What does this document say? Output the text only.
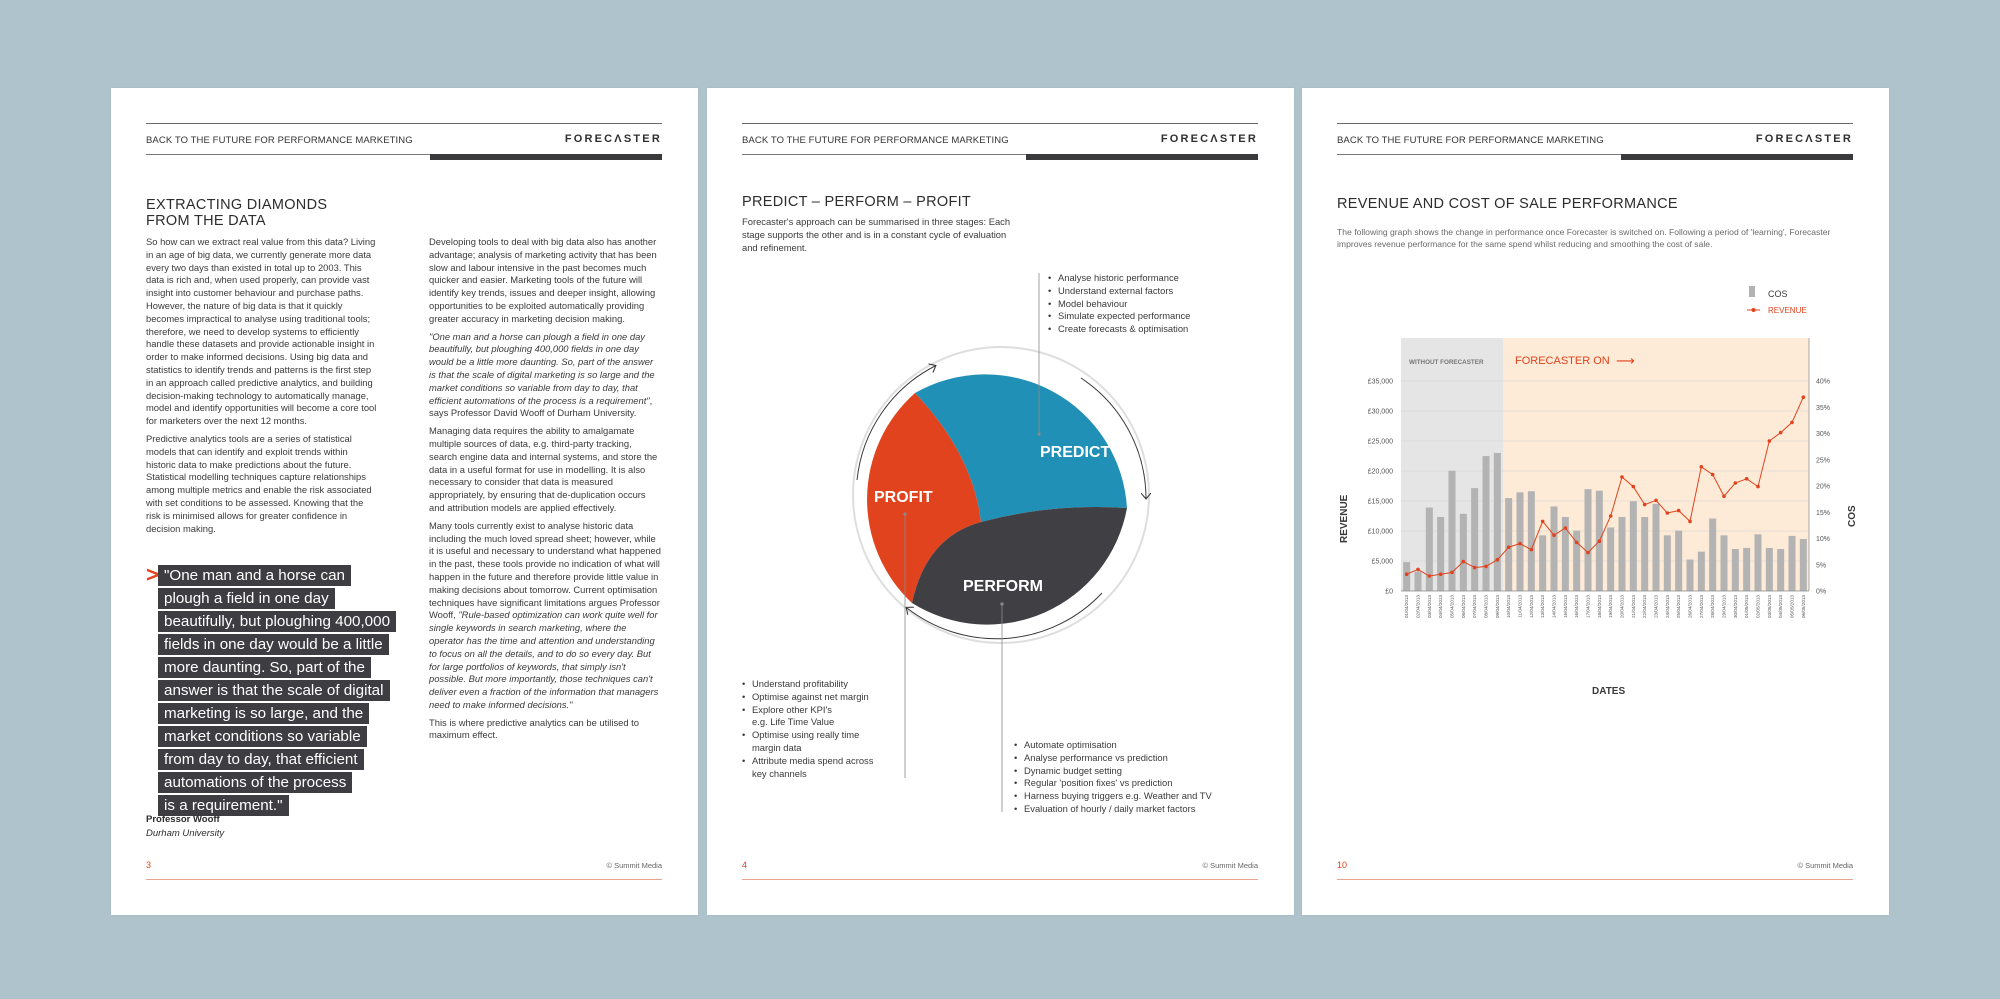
BACK TO THE FUTURE FOR PERFORMANCE MARKETING	FORECΛSTER
EXTRACTING DIAMONDS
FROM THE DATA

So how can we extract real value from this data? Living in an age of big data, we currently generate more data every two days than existed in total up to 2003. This data is rich and, when used properly, can provide vast insight into customer behaviour and purchase paths. However, the nature of big data is that it quickly becomes impractical to analyse using traditional tools; therefore, we need to develop systems to efficiently handle these datasets and provide actionable insight in order to make informed decisions. Using big data and statistics to identify trends and patterns is the first step in an approach called predictive analytics, and building decision-making technology to automatically manage, model and identify opportunities will become a core tool for marketers over the next 12 months.

Predictive analytics tools are a series of statistical models that can identify and exploit trends within historic data to make predictions about the future. Statistical modelling techniques capture relationships among multiple metrics and enable the risk associated with set conditions to be assessed. Knowing that the risk is minimised allows for greater confidence in decision making.

Developing tools to deal with big data also has another advantage; analysis of marketing activity that has been slow and labour intensive in the past becomes much quicker and easier. Marketing tools of the future will identify key trends, issues and deeper insight, allowing opportunities to be exploited automatically providing greater accuracy in marketing decision making.

"One man and a horse can plough a field in one day beautifully, but ploughing 400,000 fields in one day would be a little more daunting. So, part of the answer is that the scale of digital marketing is so large and the market conditions so variable from day to day, that efficient automations of the process is a requirement", says Professor David Wooff of Durham University.

Managing data requires the ability to amalgamate multiple sources of data, e.g. third-party tracking, search engine data and internal systems, and store the data in a useful format for use in modelling. It is also necessary to consider that data is measured appropriately, by ensuring that de-duplication occurs and attribution models are applied effectively.

Many tools currently exist to analyse historic data including the much loved spread sheet; however, while it is useful and necessary to understand what happened in the past, these tools provide no indication of what will happen in the future and therefore provide little value in making decisions about tomorrow. Current optimisation techniques have significant limitations argues Professor Wooff, "Rule-based optimization can work quite well for single keywords in search marketing, where the operator has the time and attention and understanding to focus on all the details, and to do so every day. But for large portfolios of keywords, that simply isn't possible. But more importantly, those techniques can't deliver even a fraction of the information that managers need to make informed decisions."

This is where predictive analytics can be utilised to maximum effect.

> "One man and a horse can
plough a field in one day
beautifully, but ploughing 400,000
fields in one day would be a little
more daunting. So, part of the
answer is that the scale of digital
marketing is so large, and the
market conditions so variable
from day to day, that efficient
automations of the process
is a requirement."
Professor Wooff
Durham University
3	© Summit Media
BACK TO THE FUTURE FOR PERFORMANCE MARKETING	FORECΛSTER
PREDICT – PERFORM – PROFIT

Forecaster's approach can be summarised in three stages: Each stage supports the other and is in a constant cycle of evaluation and refinement.

PREDICT
PROFIT
PERFORM
• Analyse historic performance
• Understand external factors
• Model behaviour
• Simulate expected performance
• Create forecasts & optimisation
• Understand profitability
• Optimise against net margin
• Explore other KPI's
e.g. Life Time Value
• Optimise using really time
margin data
• Attribute media spend across
key channels
• Automate optimisation
• Analyse performance vs prediction
• Dynamic budget setting
• Regular 'position fixes' vs prediction
• Harness buying triggers e.g. Weather and TV
• Evaluation of hourly / daily market factors
4	© Summit Media
BACK TO THE FUTURE FOR PERFORMANCE MARKETING	FORECΛSTER
REVENUE AND COST OF SALE PERFORMANCE

The following graph shows the change in performance once Forecaster is switched on. Following a period of 'learning', Forecaster improves revenue performance for the same spend whilst reducing and smoothing the cost of sale.

WITHOUT FORECASTER	FORECASTER ON ⟶
£0
£5,000
£10,000
£15,000
£20,000
£25,000
£30,000
£35,000
0%
5%
10%
15%
20%
25%
30%
35%
40%
01/04/2013 02/04/2013 03/04/2013 04/04/2013 05/04/2013 06/04/2013 07/04/2013 08/04/2013 09/04/2013 10/04/2013 11/04/2013 12/04/2013 13/04/2013 14/04/2013 15/04/2013 16/04/2013 17/04/2013 18/04/2013 19/04/2013 20/04/2013 21/04/2013 22/04/2013 23/04/2013 24/04/2013 25/04/2013 26/04/2013 27/04/2013 28/04/2013 29/04/2013 30/04/2013 01/05/2013 02/05/2013 03/05/2013 04/05/2013 05/05/2013 06/05/2013
REVENUE	COS
DATES
COS
REVENUE
10	© Summit Media
